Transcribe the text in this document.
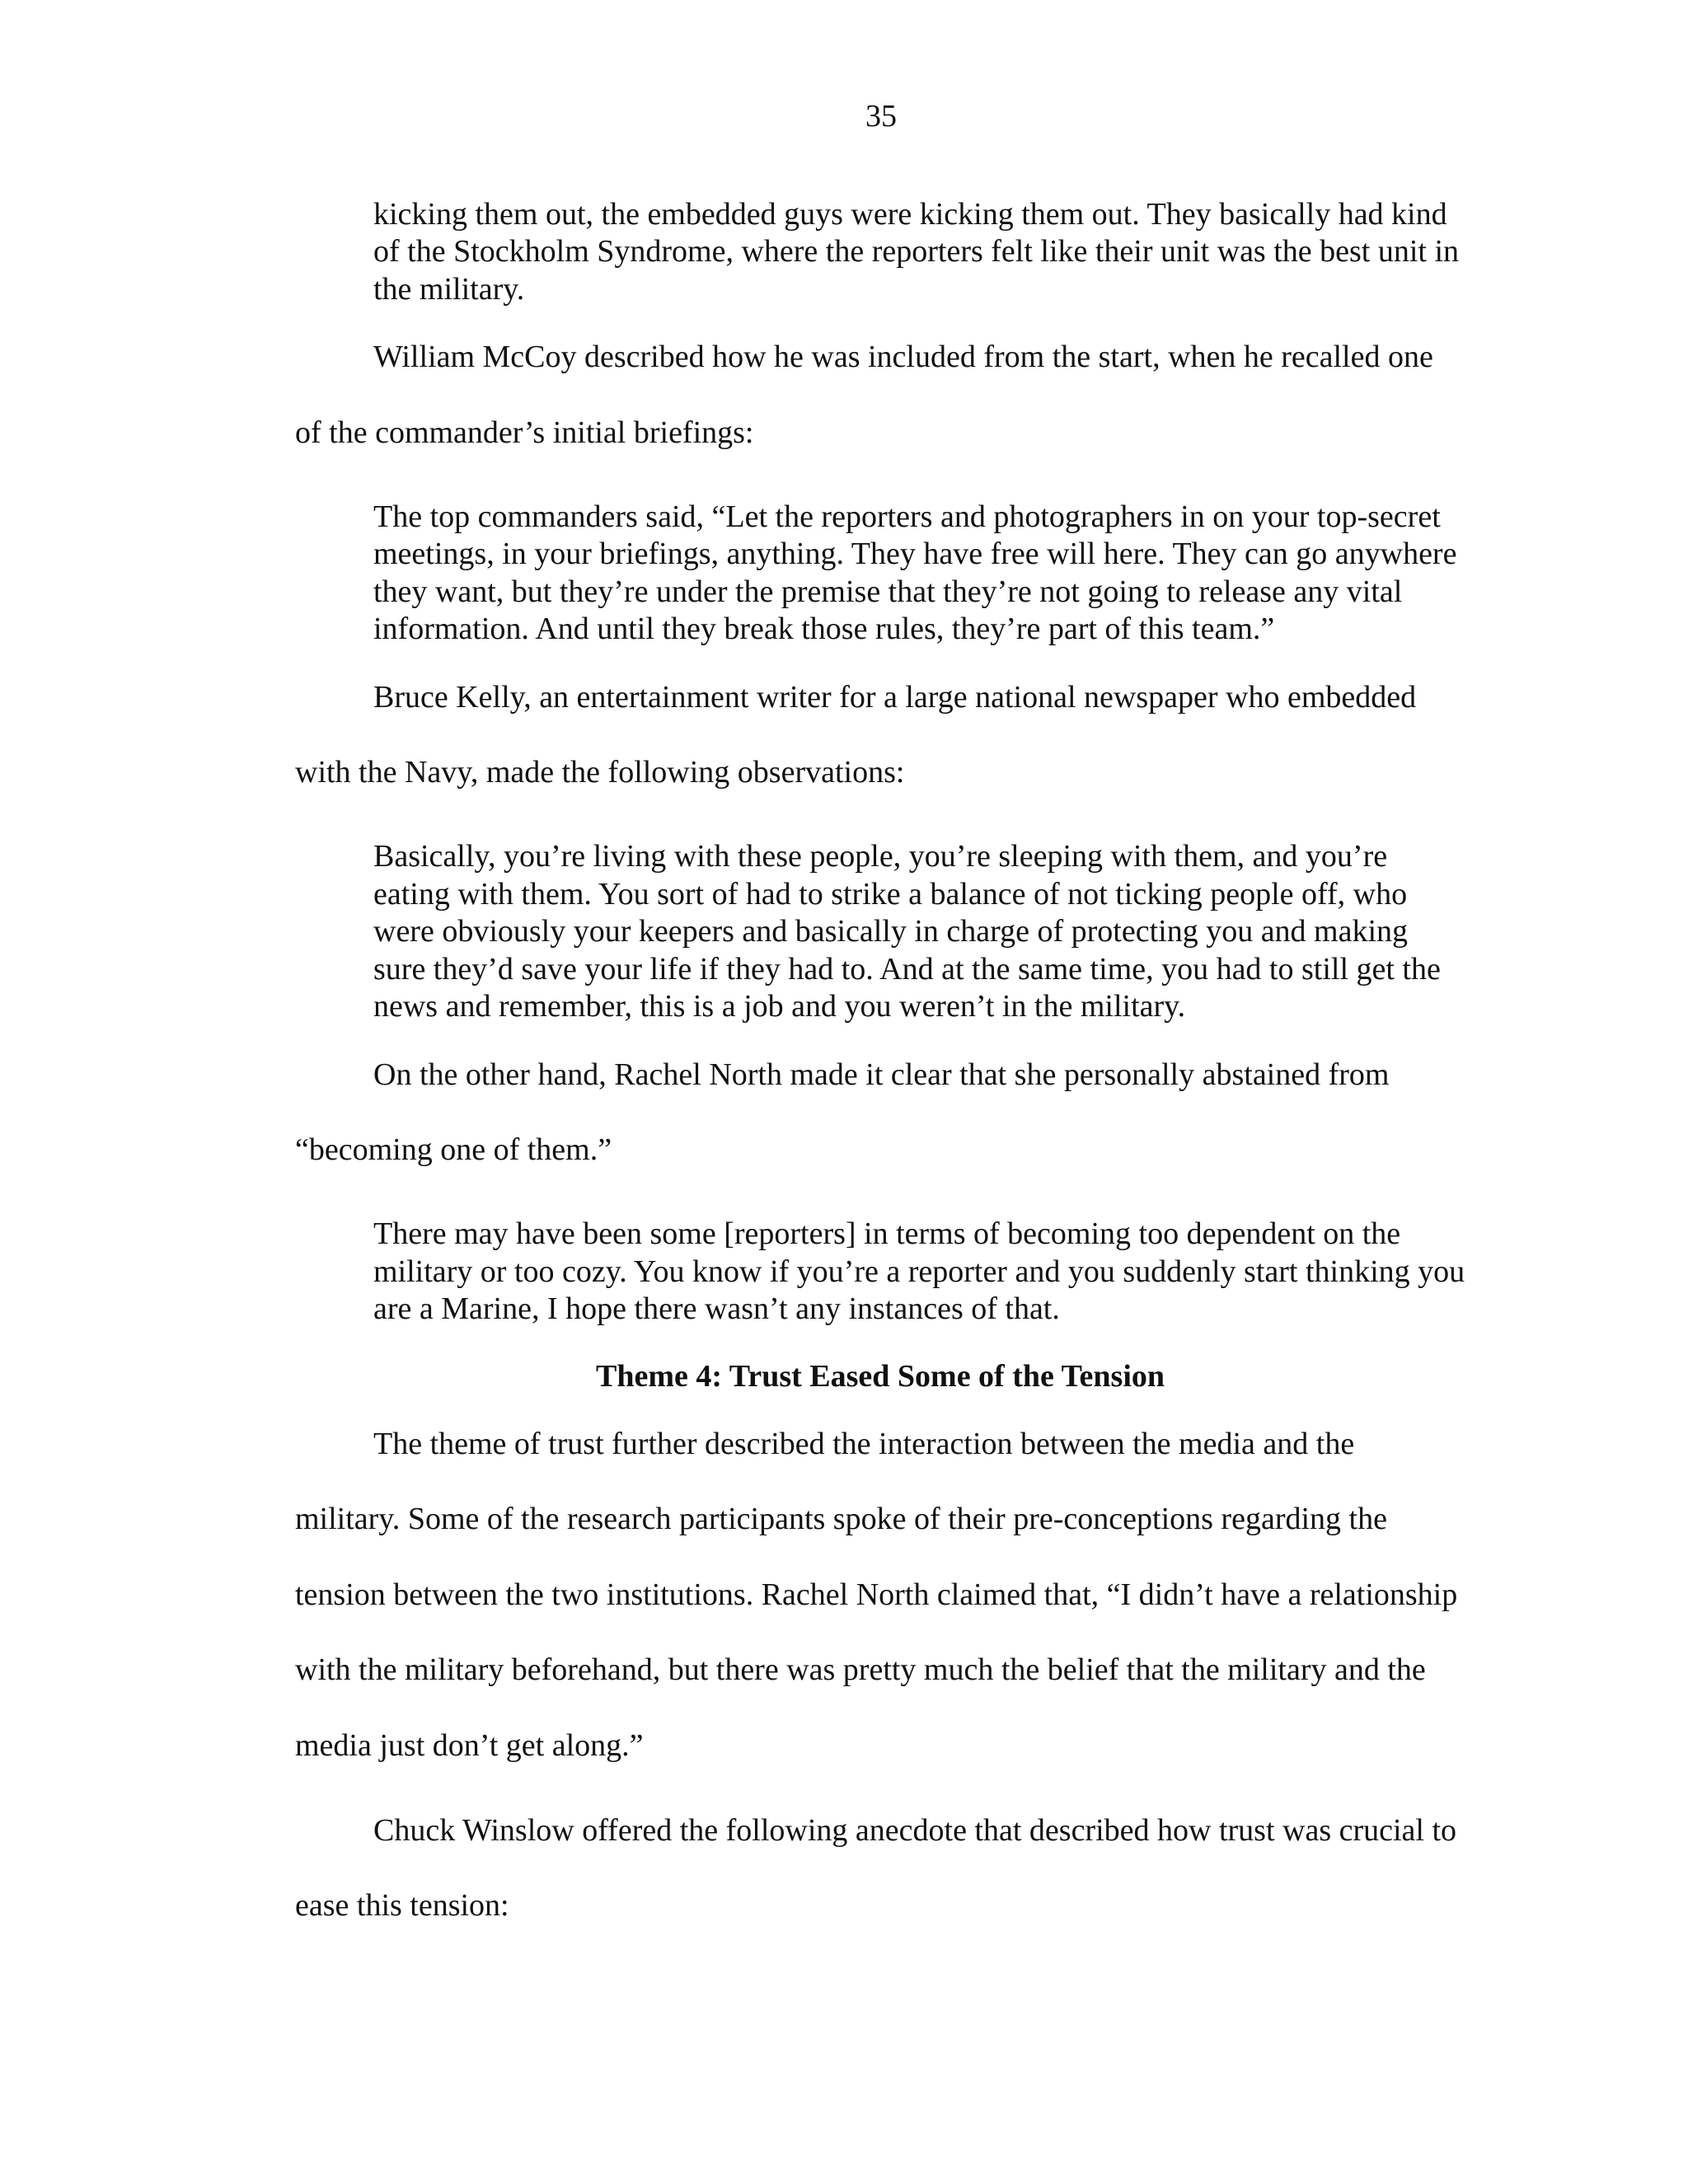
35

kicking them out, the embedded guys were kicking them out. They basically had kind of the Stockholm Syndrome, where the reporters felt like their unit was the best unit in the military.

William McCoy described how he was included from the start, when he recalled one of the commander’s initial briefings:

The top commanders said, “Let the reporters and photographers in on your top-secret meetings, in your briefings, anything. They have free will here. They can go anywhere they want, but they’re under the premise that they’re not going to release any vital information. And until they break those rules, they’re part of this team.”

Bruce Kelly, an entertainment writer for a large national newspaper who embedded with the Navy, made the following observations:

Basically, you’re living with these people, you’re sleeping with them, and you’re eating with them. You sort of had to strike a balance of not ticking people off, who were obviously your keepers and basically in charge of protecting you and making sure they’d save your life if they had to. And at the same time, you had to still get the news and remember, this is a job and you weren’t in the military.

On the other hand, Rachel North made it clear that she personally abstained from “becoming one of them.”

There may have been some [reporters] in terms of becoming too dependent on the military or too cozy. You know if you’re a reporter and you suddenly start thinking you are a Marine, I hope there wasn’t any instances of that.

Theme 4: Trust Eased Some of the Tension

The theme of trust further described the interaction between the media and the military. Some of the research participants spoke of their pre-conceptions regarding the tension between the two institutions. Rachel North claimed that, “I didn’t have a relationship with the military beforehand, but there was pretty much the belief that the military and the media just don’t get along.”

Chuck Winslow offered the following anecdote that described how trust was crucial to ease this tension:
